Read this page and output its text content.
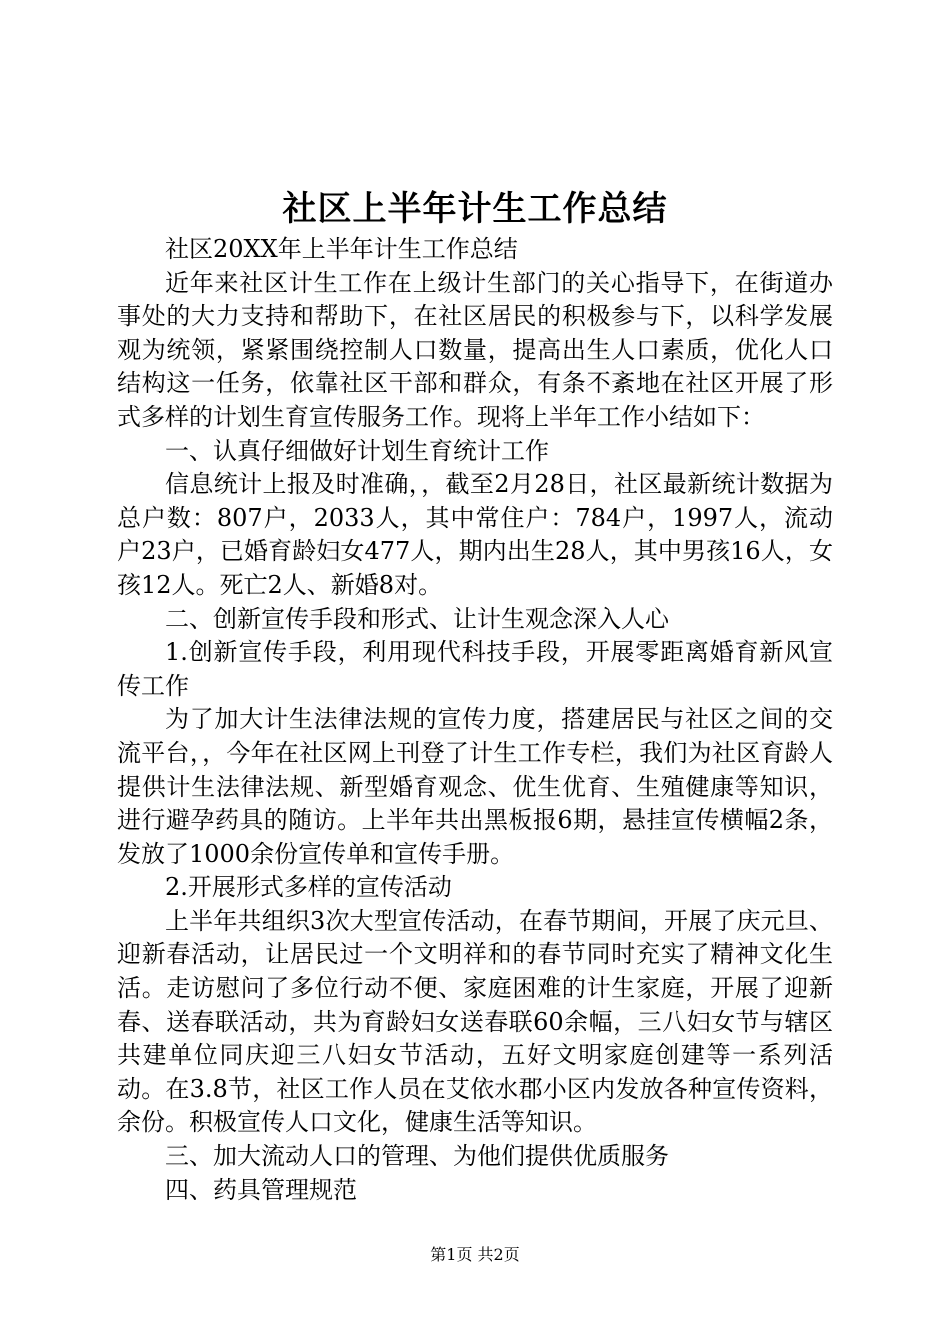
社区上半年计生工作总结

社区20XX年上半年计生工作总结

近年来社区计生工作在上级计生部门的关心指导下，在街道办事处的大力支持和帮助下，在社区居民的积极参与下，以科学发展观为统领，紧紧围绕控制人口数量，提高出生人口素质，优化人口结构这一任务，依靠社区干部和群众，有条不紊地在社区开展了形式多样的计划生育宣传服务工作。现将上半年工作小结如下：

一、认真仔细做好计划生育统计工作

信息统计上报及时准确，，截至2月28日，社区最新统计数据为总户数：807户，2033人，其中常住户：784户，1997人，流动户23户，已婚育龄妇女477人，期内出生28人，其中男孩16人，女孩12人。死亡2人、新婚8对。

二、创新宣传手段和形式、让计生观念深入人心

1.创新宣传手段，利用现代科技手段，开展零距离婚育新风宣传工作

为了加大计生法律法规的宣传力度，搭建居民与社区之间的交流平台，，今年在社区网上刊登了计生工作专栏，我们为社区育龄人提供计生法律法规、新型婚育观念、优生优育、生殖健康等知识，进行避孕药具的随访。上半年共出黑板报6期，悬挂宣传横幅2条，发放了1000余份宣传单和宣传手册。

2.开展形式多样的宣传活动

上半年共组织3次大型宣传活动，在春节期间，开展了庆元旦、迎新春活动，让居民过一个文明祥和的春节同时充实了精神文化生活。走访慰问了多位行动不便、家庭困难的计生家庭，开展了迎新春、送春联活动，共为育龄妇女送春联60余幅，三八妇女节与辖区共建单位同庆迎三八妇女节活动，五好文明家庭创建等一系列活动。在3.8节，社区工作人员在艾依水郡小区内发放各种宣传资料，余份。积极宣传人口文化，健康生活等知识。

三、加大流动人口的管理、为他们提供优质服务

四、药具管理规范

第1页 共2页
